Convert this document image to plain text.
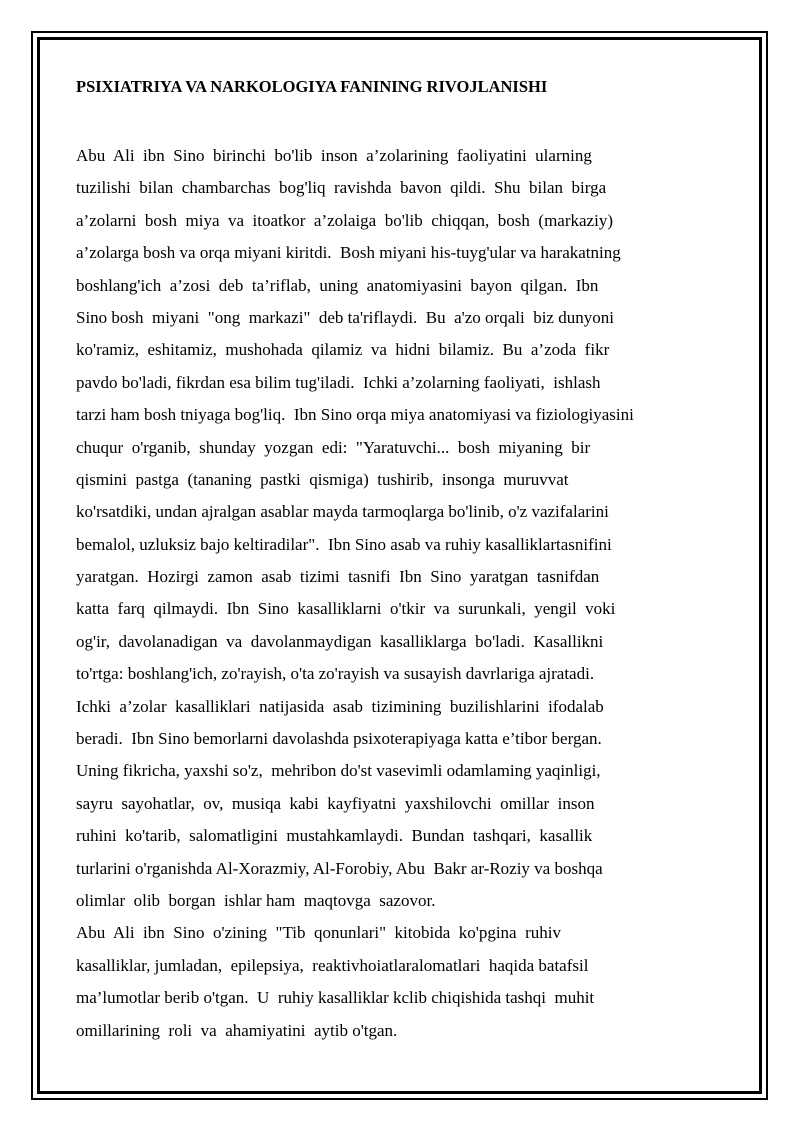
PSIXIATRIYA VA NARKOLOGIYA FANINING RIVOJLANISHI
Abu  Ali  ibn  Sino  birinchi  bo'lib  inson  a’zolarining  faoliyatini  ularning
tuzilishi  bilan  chambarchas  bog'liq  ravishda  bavon  qildi.  Shu  bilan  birga
a’zolarni  bosh  miya  va  itoatkor  a’zolaiga  bo'lib  chiqqan,  bosh  (markaziy)
a’zolarga bosh va orqa miyani kiritdi.  Bosh miyani his-tuyg'ular va harakatning
boshlang'ich  a’zosi  deb  ta’riflab,  uning  anatomiyasini  bayon  qilgan.  Ibn
Sino bosh  miyani  "ong  markazi"  deb ta'riflaydi.  Bu  a'zo orqali  biz dunyoni
ko'ramiz,  eshitamiz,  mushohada  qilamiz  va  hidni  bilamiz.  Bu  a’zoda  fikr
pavdo bo'ladi, fikrdan esa bilim tug'iladi.  Ichki a’zolarning faoliyati,  ishlash
tarzi ham bosh tniyaga bog'liq.  Ibn Sino orqa miya anatomiyasi va fiziologiyasini
chuqur  o'rganib,  shunday  yozgan  edi:  "Yaratuvchi...  bosh  miyaning  bir
qismini  pastga  (tananing  pastki  qismiga)  tushirib,  insonga  muruvvat
ko'rsatdiki, undan ajralgan asablar mayda tarmoqlarga bo'linib, o'z vazifalarini
bemalol, uzluksiz bajo keltiradilar".  Ibn Sino asab va ruhiy kasalliklartasnifini
yaratgan.  Hozirgi  zamon  asab  tizimi  tasnifi  Ibn  Sino  yaratgan  tasnifdan
katta  farq  qilmaydi.  Ibn  Sino  kasalliklarni  o'tkir  va  surunkali,  yengil  voki
og'ir,  davolanadigan  va  davolanmaydigan  kasalliklarga  bo'ladi.  Kasallikni
to'rtga: boshlang'ich, zo'rayish, o'ta zo'rayish va susayish davrlariga ajratadi.
Ichki  a’zolar  kasalliklari  natijasida  asab  tizimining  buzilishlarini  ifodalab
beradi.  Ibn Sino bemorlarni davolashda psixoterapiyaga katta e’tibor bergan.
Uning fikricha, yaxshi so'z,  mehribon do'st vasevimli odamlaming yaqinligi,
sayru  sayohatlar,  ov,  musiqa  kabi  kayfiyatni  yaxshilovchi  omillar  inson
ruhini  ko'tarib,  salomatligini  mustahkamlaydi.  Bundan  tashqari,  kasallik
turlarini o'rganishda Al-Xorazmiy, Al-Forobiy, Abu  Bakr ar-Roziy va boshqa
olimlar  olib  borgan  ishlar ham  maqtovga  sazovor.
Abu  Ali  ibn  Sino  o'zining  "Tib  qonunlari"  kitobida  ko'pgina  ruhiv
kasalliklar, jumladan,  epilepsiya,  reaktivhoiatlaralomatlari  haqida batafsil
ma’lumotlar berib o'tgan.  U  ruhiy kasalliklar kclib chiqishida tashqi  muhit
omillarining  roli  va  ahamiyatini  aytib o'tgan.
